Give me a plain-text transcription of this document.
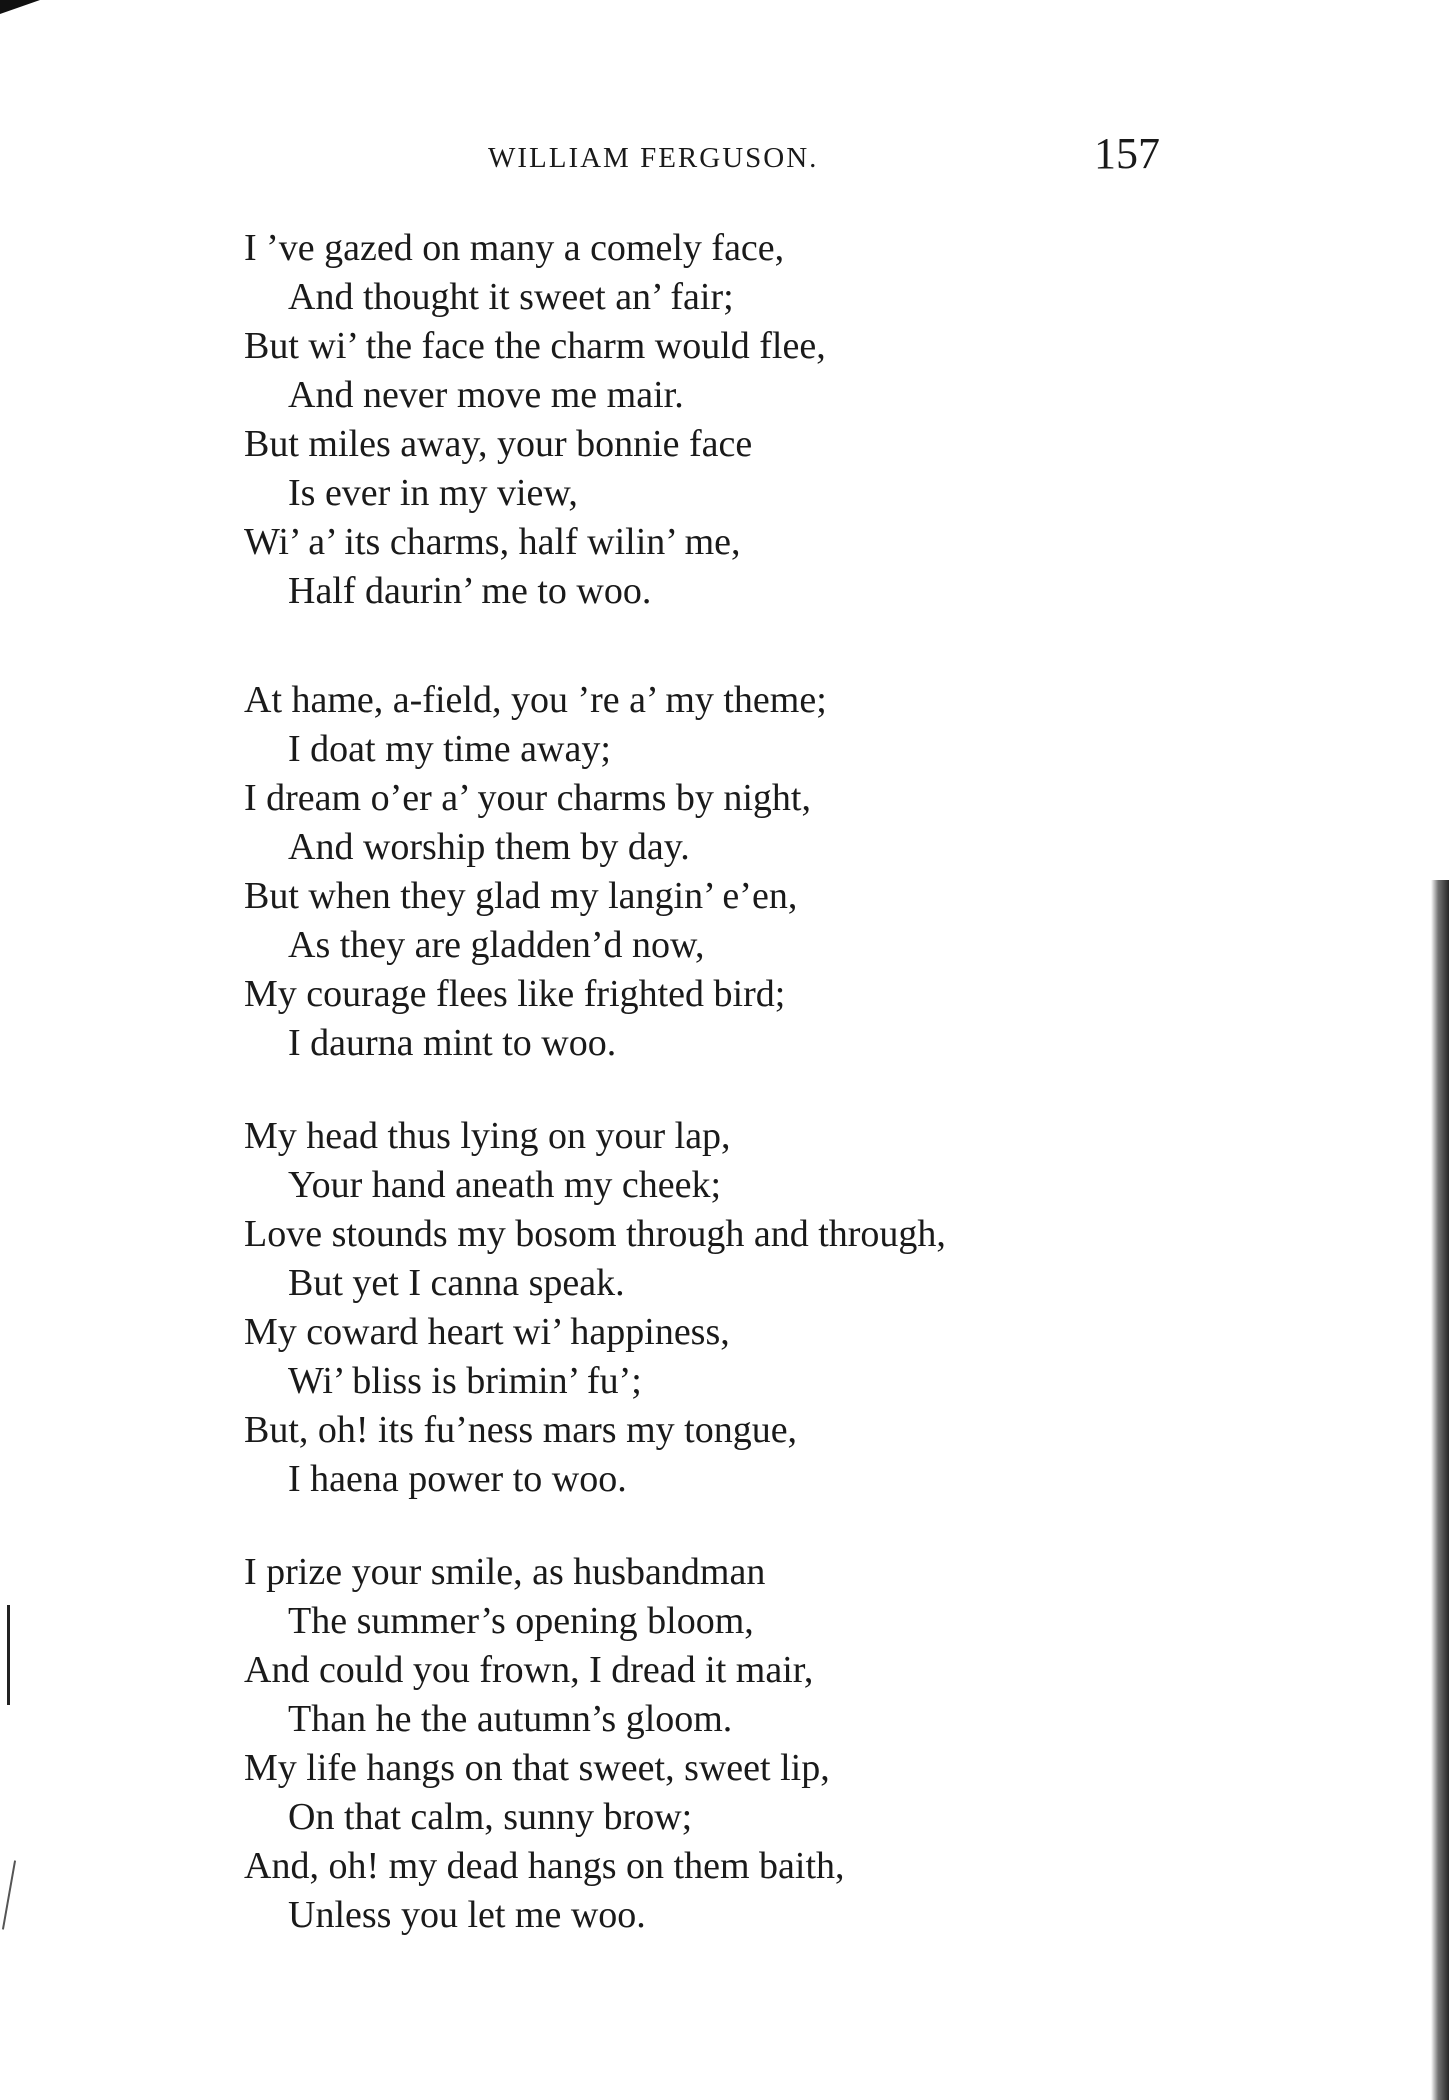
WILLIAM FERGUSON.	157
I ’ve gazed on many a comely face,
And thought it sweet an’ fair;
But wi’ the face the charm would flee,
And never move me mair.
But miles away, your bonnie face
Is ever in my view,
Wi’ a’ its charms, half wilin’ me,
Half daurin’ me to woo.
At hame, a-field, you ’re a’ my theme;
I doat my time away;
I dream o’er a’ your charms by night,
And worship them by day.
But when they glad my langin’ e’en,
As they are gladden’d now,
My courage flees like frighted bird;
I daurna mint to woo.
My head thus lying on your lap,
Your hand aneath my cheek;
Love stounds my bosom through and through,
But yet I canna speak.
My coward heart wi’ happiness,
Wi’ bliss is brimin’ fu’;
But, oh! its fu’ness mars my tongue,
I haena power to woo.
I prize your smile, as husbandman
The summer’s opening bloom,
And could you frown, I dread it mair,
Than he the autumn’s gloom.
My life hangs on that sweet, sweet lip,
On that calm, sunny brow;
And, oh! my dead hangs on them baith,
Unless you let me woo.
